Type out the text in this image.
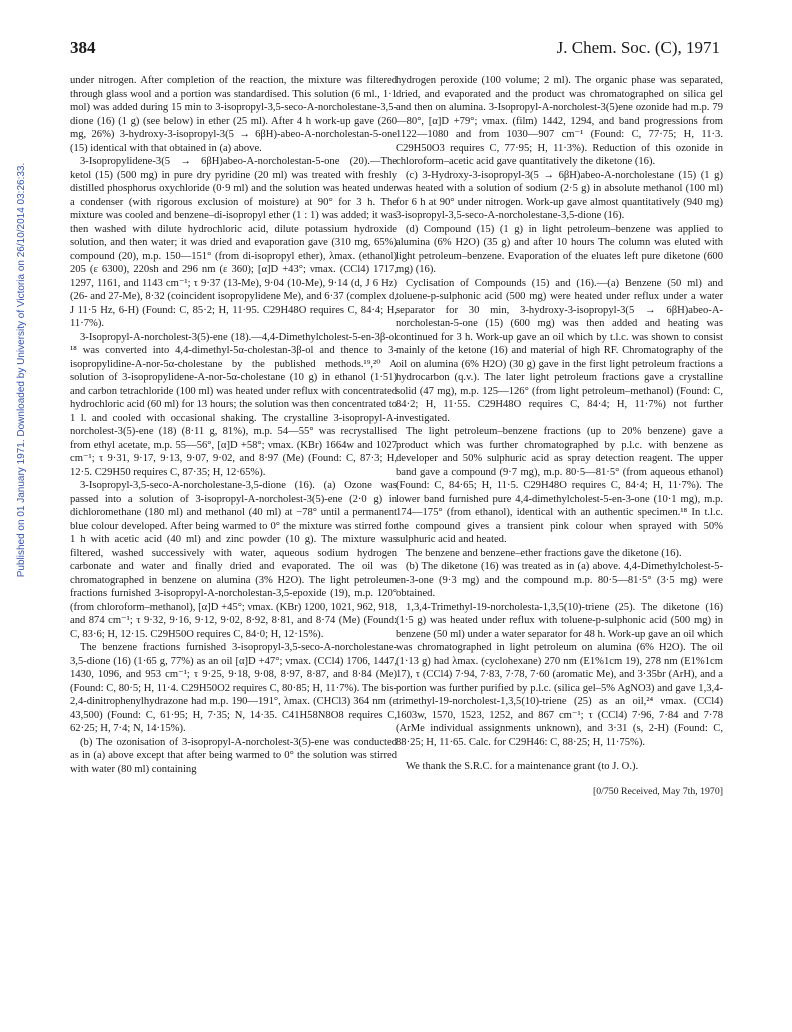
384	J. Chem. Soc. (C), 1971
Published on 01 January 1971. Downloaded by University of Victoria on 26/10/2014 03:26:33.

under nitrogen. After completion of the reaction, the mixture was filtered through glass wool and a portion was standardised. This solution (6 ml., 1·1 mol) was added during 15 min to 3-isopropyl-3,5-seco-A-norcholestane-3,5-dione (16) (1 g) (see below) in ether (25 ml). After 4 h work-up gave (260 mg, 26%) 3-hydroxy-3-isopropyl-3(5 → 6βH)-abeo-A-norcholestan-5-one (15) identical with that obtained in (a) above.

3-Isopropylidene-3(5 → 6βH)abeo-A-norcholestan-5-one (20).—The ketol (15) (500 mg) in pure dry pyridine (20 ml) was treated with freshly distilled phosphorus oxychloride (0·9 ml) and the solution was heated under a condenser (with rigorous exclusion of moisture) at 90° for 3 h. The mixture was cooled and benzene–di-isopropyl ether (1 : 1) was added; it was then washed with dilute hydrochloric acid, dilute potassium hydroxide solution, and then water; it was dried and evaporation gave (310 mg, 65%) compound (20), m.p. 150—151° (from di-isopropyl ether), λmax. (ethanol) 205 (ε 6300), 220sh and 296 nm (ε 360); [α]D +43°; νmax. (CCl4) 1717, 1297, 1161, and 1143 cm⁻¹; τ 9·37 (13-Me), 9·04 (10-Me), 9·14 (d, J 6 Hz) (26- and 27-Me), 8·32 (coincident isopropylidene Me), and 6·37 (complex d, J 11·5 Hz, 6-H) (Found: C, 85·2; H, 11·95. C29H48O requires C, 84·4; H, 11·7%).

3-Isopropyl-A-norcholest-3(5)-ene (18).—4,4-Dimethylcholest-5-en-3β-ol ¹⁸ was converted into 4,4-dimethyl-5α-cholestan-3β-ol and thence to 3-isopropylidine-A-nor-5α-cholestane by the published methods.¹⁹,²⁰ A solution of 3-isopropylidene-A-nor-5α-cholestane (10 g) in ethanol (1·51) and carbon tetrachloride (100 ml) was heated under reflux with concentrated hydrochloric acid (60 ml) for 13 hours; the solution was then concentrated to 1 l. and cooled with occasional shaking. The crystalline 3-isopropyl-A-norcholest-3(5)-ene (18) (8·11 g, 81%), m.p. 54—55° was recrystallised from ethyl acetate, m.p. 55—56°, [α]D +58°; νmax. (KBr) 1664w and 1027 cm⁻¹; τ 9·31, 9·17, 9·13, 9·07, 9·02, and 8·97 (Me) (Found: C, 87·3; H, 12·5. C29H50 requires C, 87·35; H, 12·65%).

3-Isopropyl-3,5-seco-A-norcholestane-3,5-dione (16). (a) Ozone was passed into a solution of 3-isopropyl-A-norcholest-3(5)-ene (2·0 g) in dichloromethane (180 ml) and methanol (40 ml) at −78° until a permanent blue colour developed. After being warmed to 0° the mixture was stirred for 1 h with acetic acid (40 ml) and zinc powder (10 g). The mixture was filtered, washed successively with water, aqueous sodium hydrogen carbonate and water and finally dried and evaporated. The oil was chromatographed in benzene on alumina (3% H2O). The light petroleum fractions furnished 3-isopropyl-A-norcholestan-3,5-epoxide (19), m.p. 120° (from chloroform–methanol), [α]D +45°; νmax. (KBr) 1200, 1021, 962, 918, and 874 cm⁻¹; τ 9·32, 9·16, 9·12, 9·02, 8·92, 8·81, and 8·74 (Me) (Found: C, 83·6; H, 12·15. C29H50O requires C, 84·0; H, 12·15%).

The benzene fractions furnished 3-isopropyl-3,5-seco-A-norcholestane-3,5-dione (16) (1·65 g, 77%) as an oil [α]D +47°; νmax. (CCl4) 1706, 1447, 1430, 1096, and 953 cm⁻¹; τ 9·25, 9·18, 9·08, 8·97, 8·87, and 8·84 (Me) (Found: C, 80·5; H, 11·4. C29H50O2 requires C, 80·85; H, 11·7%). The bis-2,4-dinitrophenylhydrazone had m.p. 190—191°, λmax. (CHCl3) 364 nm (ε 43,500) (Found: C, 61·95; H, 7·35; N, 14·35. C41H58N8O8 requires C, 62·25; H, 7·4; N, 14·15%).

(b) The ozonisation of 3-isopropyl-A-norcholest-3(5)-ene was conducted as in (a) above except that after being warmed to 0° the solution was stirred with water (80 ml) containing

hydrogen peroxide (100 volume; 2 ml). The organic phase was separated, dried, and evaporated and the product was chromatographed on silica gel and then on alumina. 3-Isopropyl-A-norcholest-3(5)ene ozonide had m.p. 79—80°, [α]D +79°; νmax. (film) 1442, 1294, and band progressions from 1122—1080 and from 1030—907 cm⁻¹ (Found: C, 77·75; H, 11·3. C29H50O3 requires C, 77·95; H, 11·3%). Reduction of this ozonide in chloroform–acetic acid gave quantitatively the diketone (16).

(c) 3-Hydroxy-3-isopropyl-3(5 → 6βH)abeo-A-norcholestane (15) (1 g) was heated with a solution of sodium (2·5 g) in absolute methanol (100 ml) for 6 h at 90° under nitrogen. Work-up gave almost quantitatively (940 mg) 3-isopropyl-3,5-seco-A-norcholestane-3,5-dione (16).

(d) Compound (15) (1 g) in light petroleum–benzene was applied to alumina (6% H2O) (35 g) and after 10 hours The column was eluted with light petroleum–benzene. Evaporation of the eluates left pure diketone (600 mg) (16).

Cyclisation of Compounds (15) and (16).—(a) Benzene (50 ml) and toluene-p-sulphonic acid (500 mg) were heated under reflux under a water separator for 30 min, 3-hydroxy-3-isopropyl-3(5 → 6βH)abeo-A-norcholestan-5-one (15) (600 mg) was then added and heating was continued for 3 h. Work-up gave an oil which by t.l.c. was shown to consist mainly of the ketone (16) and material of high RF. Chromatography of the oil on alumina (6% H2O) (30 g) gave in the first light petroleum fractions a hydrocarbon (q.v.). The later light petroleum fractions gave a crystalline solid (47 mg), m.p. 125—126° (from light petroleum–methanol) (Found: C, 84·2; H, 11·55. C29H48O requires C, 84·4; H, 11·7%) not further investigated.

The light petroleum–benzene fractions (up to 20% benzene) gave a product which was further chromatographed by p.l.c. with benzene as developer and 50% sulphuric acid as spray detection reagent. The upper band gave a compound (9·7 mg), m.p. 80·5—81·5° (from aqueous ethanol) (Found: C, 84·65; H, 11·5. C29H48O requires C, 84·4; H, 11·7%). The lower band furnished pure 4,4-dimethylcholest-5-en-3-one (10·1 mg), m.p. 174—175° (from ethanol), identical with an authentic specimen.¹⁸ In t.l.c. the compound gives a transient pink colour when sprayed with 50% sulphuric acid and heated.

The benzene and benzene–ether fractions gave the diketone (16).

(b) The diketone (16) was treated as in (a) above. 4,4-Dimethylcholest-5-en-3-one (9·3 mg) and the compound m.p. 80·5—81·5° (3·5 mg) were obtained.

1,3,4-Trimethyl-19-norcholesta-1,3,5(10)-triene (25). The diketone (16) (1·5 g) was heated under reflux with toluene-p-sulphonic acid (500 mg) in benzene (50 ml) under a water separator for 48 h. Work-up gave an oil which was chromatographed in light petroleum on alumina (6% H2O). The oil (1·13 g) had λmax. (cyclohexane) 270 nm (E1%1cm 19), 278 nm (E1%1cm 17), τ (CCl4) 7·94, 7·83, 7·78, 7·60 (aromatic Me), and 3·35br (ArH), and a portion was further purified by p.l.c. (silica gel–5% AgNO3) and gave 1,3,4-trimethyl-19-norcholest-1,3,5(10)-triene (25) as an oil,²⁴ νmax. (CCl4) 1603w, 1570, 1523, 1252, and 867 cm⁻¹; τ (CCl4) 7·96, 7·84 and 7·78 (ArMe individual assignments unknown), and 3·31 (s, 2-H) (Found: C, 88·25; H, 11·65. Calc. for C29H46: C, 88·25; H, 11·75%).

We thank the S.R.C. for a maintenance grant (to J. O.).

[0/750 Received, May 7th, 1970]
